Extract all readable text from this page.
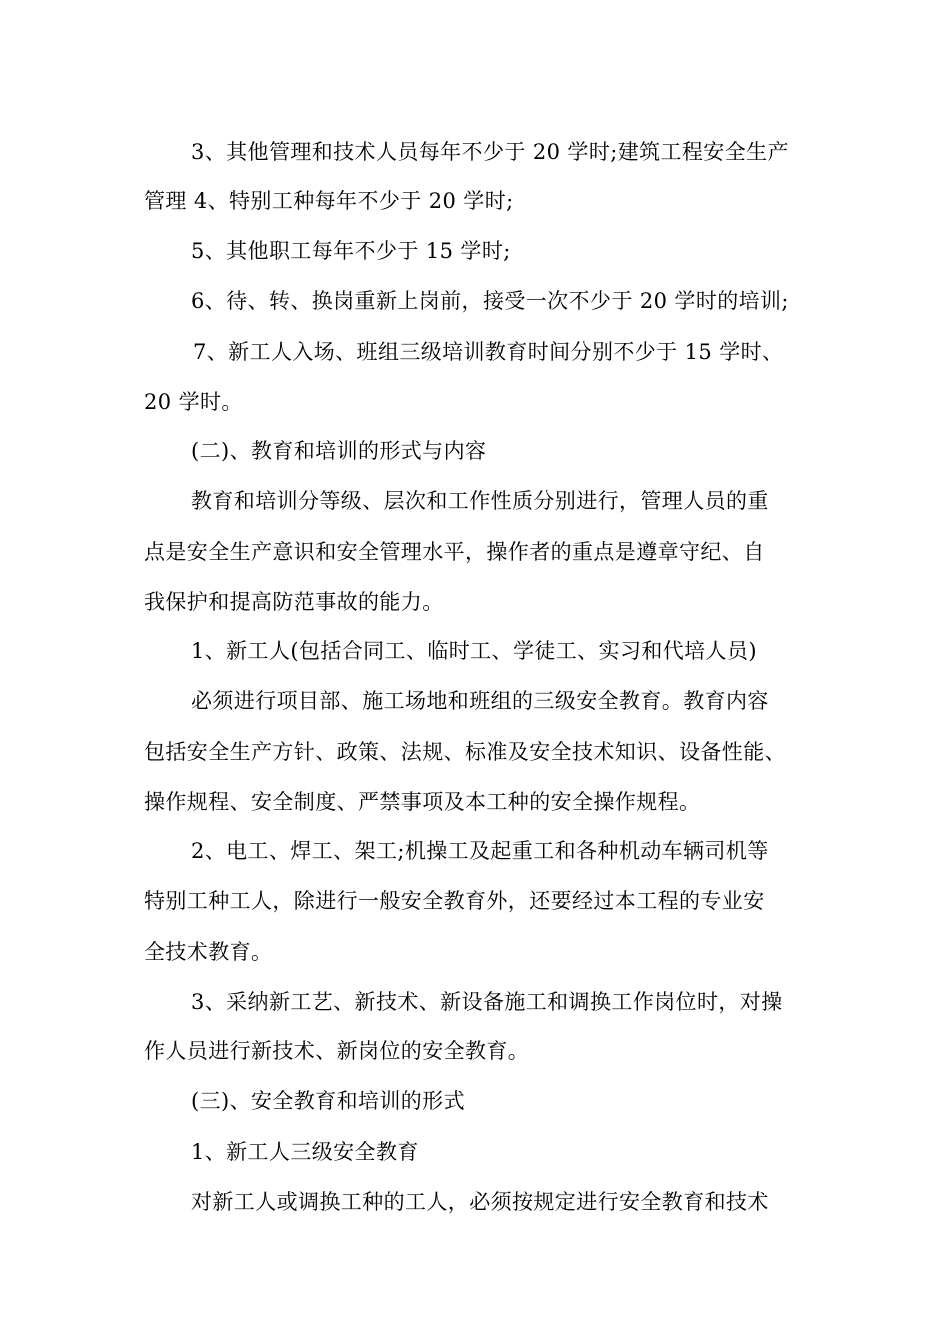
3、其他管理和技术人员每年不少于 20 学时;建筑工程安全生产
管理 4、特别工种每年不少于 20 学时;
5、其他职工每年不少于 15 学时;
6、待、转、换岗重新上岗前，接受一次不少于 20 学时的培训;
7、新工人入场、班组三级培训教育时间分别不少于 15 学时、
20 学时。
(二)、教育和培训的形式与内容
教育和培训分等级、层次和工作性质分别进行，管理人员的重
点是安全生产意识和安全管理水平，操作者的重点是遵章守纪、自
我保护和提高防范事故的能力。
1、新工人(包括合同工、临时工、学徒工、实习和代培人员)
必须进行项目部、施工场地和班组的三级安全教育。教育内容
包括安全生产方针、政策、法规、标准及安全技术知识、设备性能、
操作规程、安全制度、严禁事项及本工种的安全操作规程。
2、电工、焊工、架工;机操工及起重工和各种机动车辆司机等
特别工种工人，除进行一般安全教育外，还要经过本工程的专业安
全技术教育。
3、采纳新工艺、新技术、新设备施工和调换工作岗位时，对操
作人员进行新技术、新岗位的安全教育。
(三)、安全教育和培训的形式
1、新工人三级安全教育
对新工人或调换工种的工人，必须按规定进行安全教育和技术
